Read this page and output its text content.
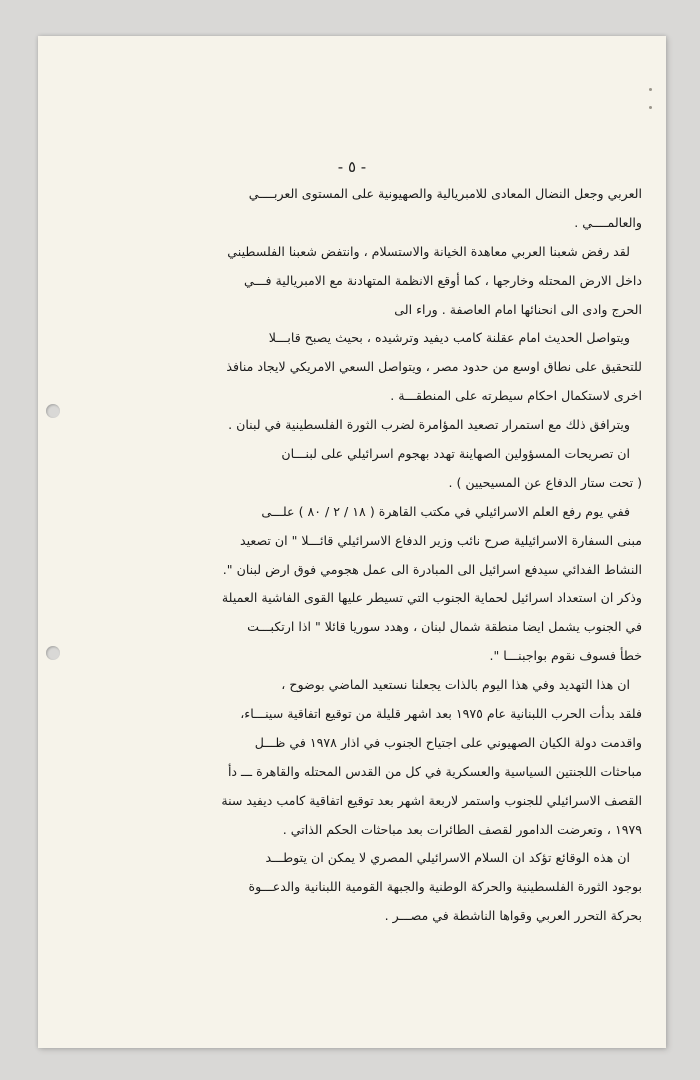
- ٥ -
العربي وجعل النضال المعادى للامبريالية والصهيونية على المستوى العربــــي
والعالمــــي .
لقد رفض شعبنا العربي معاهدة الخيانة والاستسلام ، وانتفض شعبنا الفلسطيني
داخل الارض المحتله وخارجها ، كما أوقع الانظمة المتهادنة مع الامبريالية فـــي
الحرج وادى الى انحنائها امام العاصفة . وراء الى
ويتواصل الحديث امام عقلنة كامب ديفيد وترشيده ، بحيث يصبح قابـــلا
للتحقيق على نطاق اوسع من حدود مصر ، ويتواصل السعي الامريكي لايجاد منافذ
اخرى لاستكمال احكام سيطرته على المنطقـــة .
ويترافق ذلك مع استمرار تصعيد المؤامرة لضرب الثورة الفلسطينية في لبنان .
ان تصريحات المسؤولين الصهاينة تهدد بهجوم اسرائيلي على لبنـــان
( تحت ستار الدفاع عن المسيحيين ) .
ففي يوم رفع العلم الاسرائيلي في مكتب القاهرة ( ١٨ / ٢ / ٨٠ ) علـــى
مبنى السفارة الاسرائيلية صرح نائب وزير الدفاع الاسرائيلي قائـــلا " ان تصعيد
النشاط الفدائي سيدفع اسرائيل الى المبادرة الى عمل هجومي فوق ارض لبنان ".
وذكر ان استعداد اسرائيل لحماية الجنوب التي تسيطر عليها القوى الفاشية العميلة
في الجنوب يشمل ايضا منطقة شمال لبنان ، وهدد سوريا قائلا " اذا ارتكبـــت
خطأ فسوف نقوم بواجبنـــا ".
ان هذا التهديد وفي هذا اليوم بالذات يجعلنا نستعيد الماضي بوضوح ،
فلقد بدأت الحرب اللبنانية عام ١٩٧٥ بعد اشهر قليلة من توقيع اتفاقية سينـــاء،
واقدمت دولة الكيان الصهيوني على اجتياح الجنوب في اذار ١٩٧٨ في ظـــل
مباحثات اللجنتين السياسية والعسكرية في كل من القدس المحتله والقاهرة ـــ دأ
القصف الاسرائيلي للجنوب واستمر لاربعة اشهر بعد توقيع اتفاقية كامب ديفيد سنة
١٩٧٩ ، وتعرضت الدامور لقصف الطائرات بعد مباحثات الحكم الذاتي .
ان هذه الوقائع تؤكد ان السلام الاسرائيلي المصري لا يمكن ان يتوطـــد
بوجود الثورة الفلسطينية والحركة الوطنية والجبهة القومية اللبنانية والدعـــوة
بحركة التحرر العربي وقواها الناشطة في مصـــر .
